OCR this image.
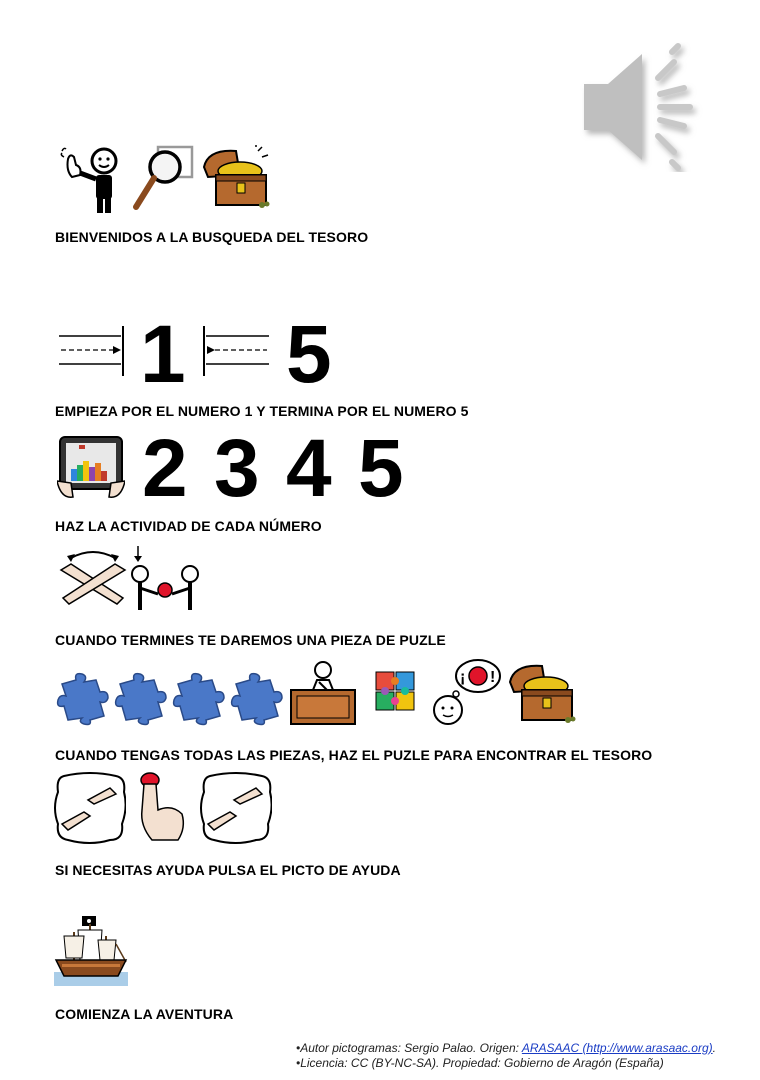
BIENVENIDOS A LA BUSQUEDA DEL TESORO
1 5
EMPIEZA POR EL NUMERO 1 Y TERMINA POR EL NUMERO 5
2 3 4 5
HAZ LA ACTIVIDAD DE CADA NÚMERO
CUANDO TERMINES TE DAREMOS UNA PIEZA DE PUZLE
¡ !
CUANDO TENGAS TODAS LAS PIEZAS, HAZ EL PUZLE PARA ENCONTRAR EL TESORO
SI NECESITAS AYUDA PULSA EL PICTO DE AYUDA
COMIENZA LA AVENTURA
•Autor pictogramas: Sergio Palao. Origen: ARASAAC (http://www.arasaac.org).
•Licencia: CC (BY-NC-SA). Propiedad: Gobierno de Aragón (España)
